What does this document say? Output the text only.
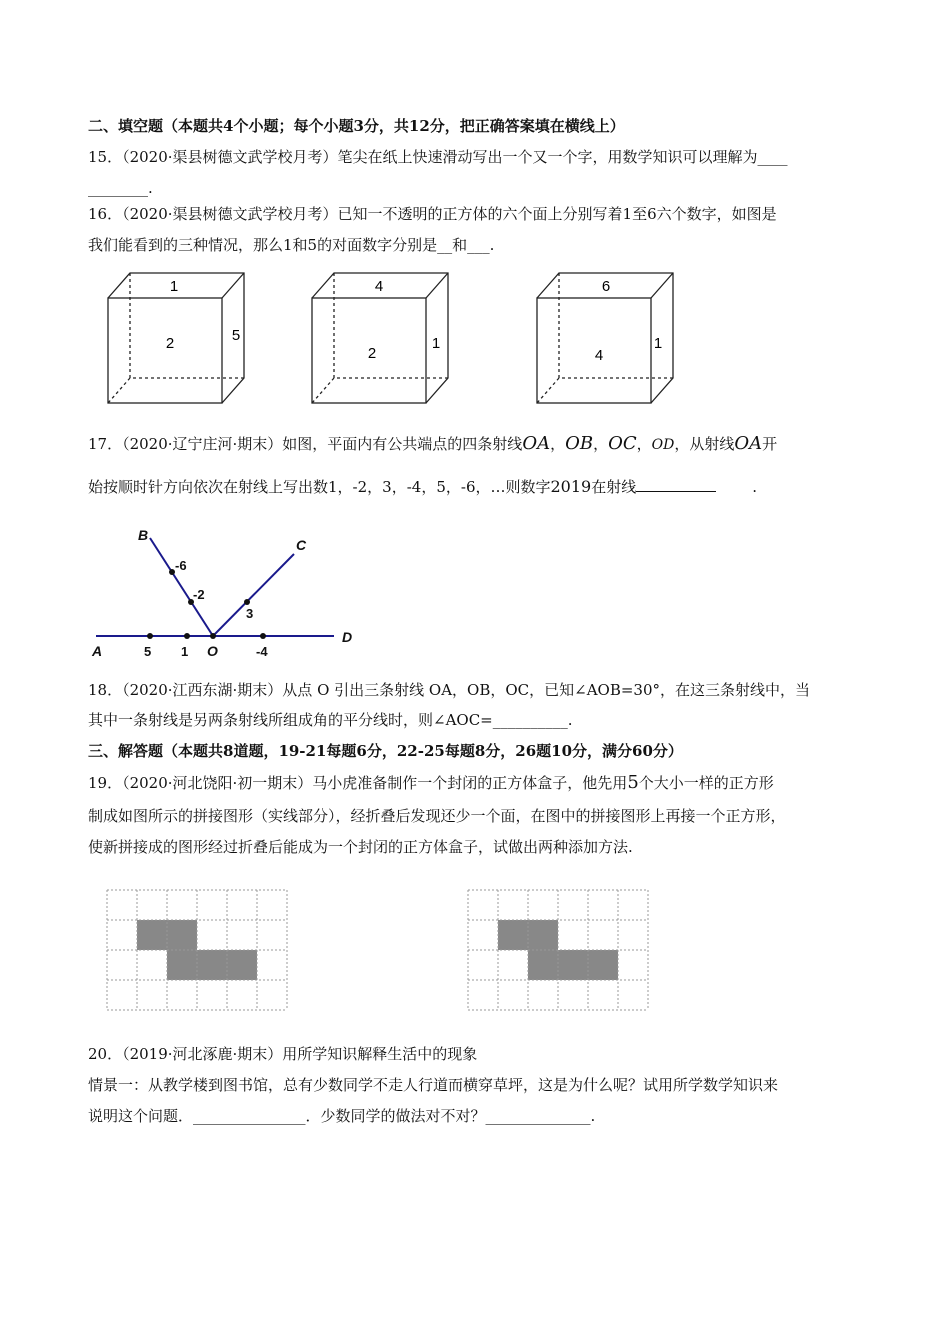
二、填空题（本题共4个小题；每个小题3分，共12分，把正确答案填在横线上）
15．（2020·渠县树德文武学校月考）笔尖在纸上快速滑动写出一个又一个字，用数学知识可以理解为____
________.
16．（2020·渠县树德文武学校月考）已知一不透明的正方体的六个面上分别写着1至6六个数字，如图是
我们能看到的三种情况，那么1和5的对面数字分别是__和___.
1
2	5
4
2
1
6
4
1
17．（2020·辽宁庄河·期末）如图，平面内有公共端点的四条射线OA，OB，OC，OD，从射线OA开
始按顺时针方向依次在射线上写出数1，-2，3，-4，5，-6，…则数字2019在射线	.
A
B
C
D
O
5 1	-4
3
-2
-6
18．（2020·江西东湖·期末）从点 O 引出三条射线 OA，OB，OC，已知∠AOB=30°，在这三条射线中，当
其中一条射线是另两条射线所组成角的平分线时，则∠AOC=__________.
三、解答题（本题共8道题，19-21每题6分，22-25每题8分，26题10分，满分60分）
19．（2020·河北饶阳·初一期末）马小虎准备制作一个封闭的正方体盒子，他先用5个大小一样的正方形
制成如图所示的拼接图形（实线部分），经折叠后发现还少一个面，在图中的拼接图形上再接一个正方形，
使新拼接成的图形经过折叠后能成为一个封闭的正方体盒子，试做出两种添加方法.
20．（2019·河北涿鹿·期末）用所学知识解释生活中的现象
情景一：从教学楼到图书馆，总有少数同学不走人行道而横穿草坪，这是为什么呢？试用所学数学知识来
说明这个问题．_______________．少数同学的做法对不对？______________.
